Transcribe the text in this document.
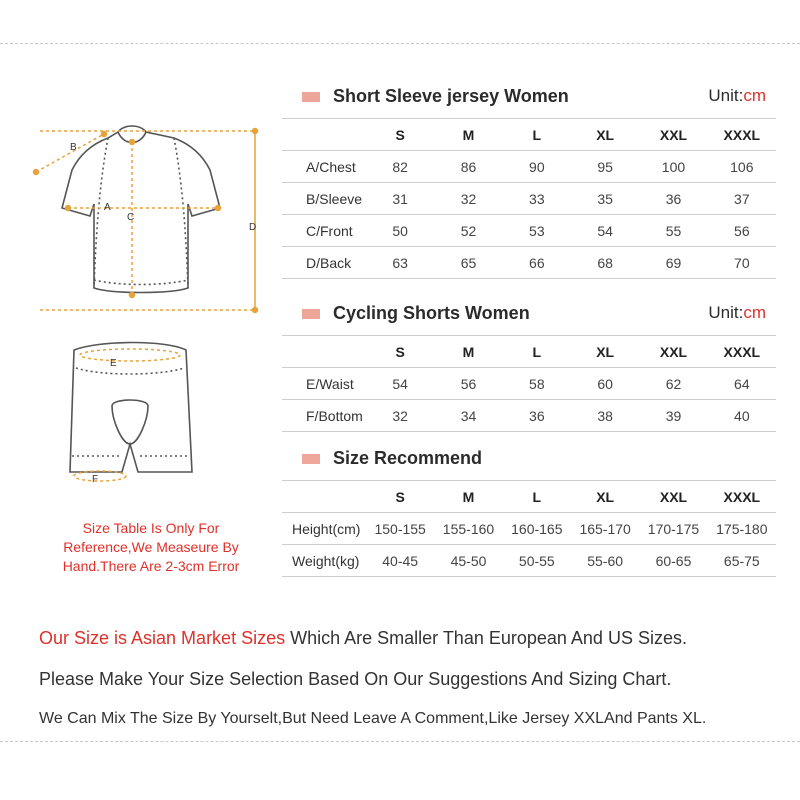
B
A
C
D
E
F
Size Table Is Only For Reference,We Measeure By Hand.There Are 2-3cm Error
Short Sleeve jersey Women	Unit:cm
	S	M	L	XL	XXL	XXXL
A/Chest	82	86	90	95	100	106
B/Sleeve	31	32	33	35	36	37
C/Front	50	52	53	54	55	56
D/Back	63	65	66	68	69	70
Cycling Shorts Women	Unit:cm
	S	M	L	XL	XXL	XXXL
E/Waist	54	56	58	60	62	64
F/Bottom	32	34	36	38	39	40
Size Recommend
	S	M	L	XL	XXL	XXXL
Height(cm)	150-155	155-160	160-165	165-170	170-175	175-180
Weight(kg)	40-45	45-50	50-55	55-60	60-65	65-75
Our Size is Asian Market Sizes Which Are Smaller Than European And US Sizes.
Please Make Your Size Selection Based On Our Suggestions And Sizing Chart.
We Can Mix The Size By Yourselt,But Need Leave A Comment,Like Jersey XXLAnd Pants XL.
